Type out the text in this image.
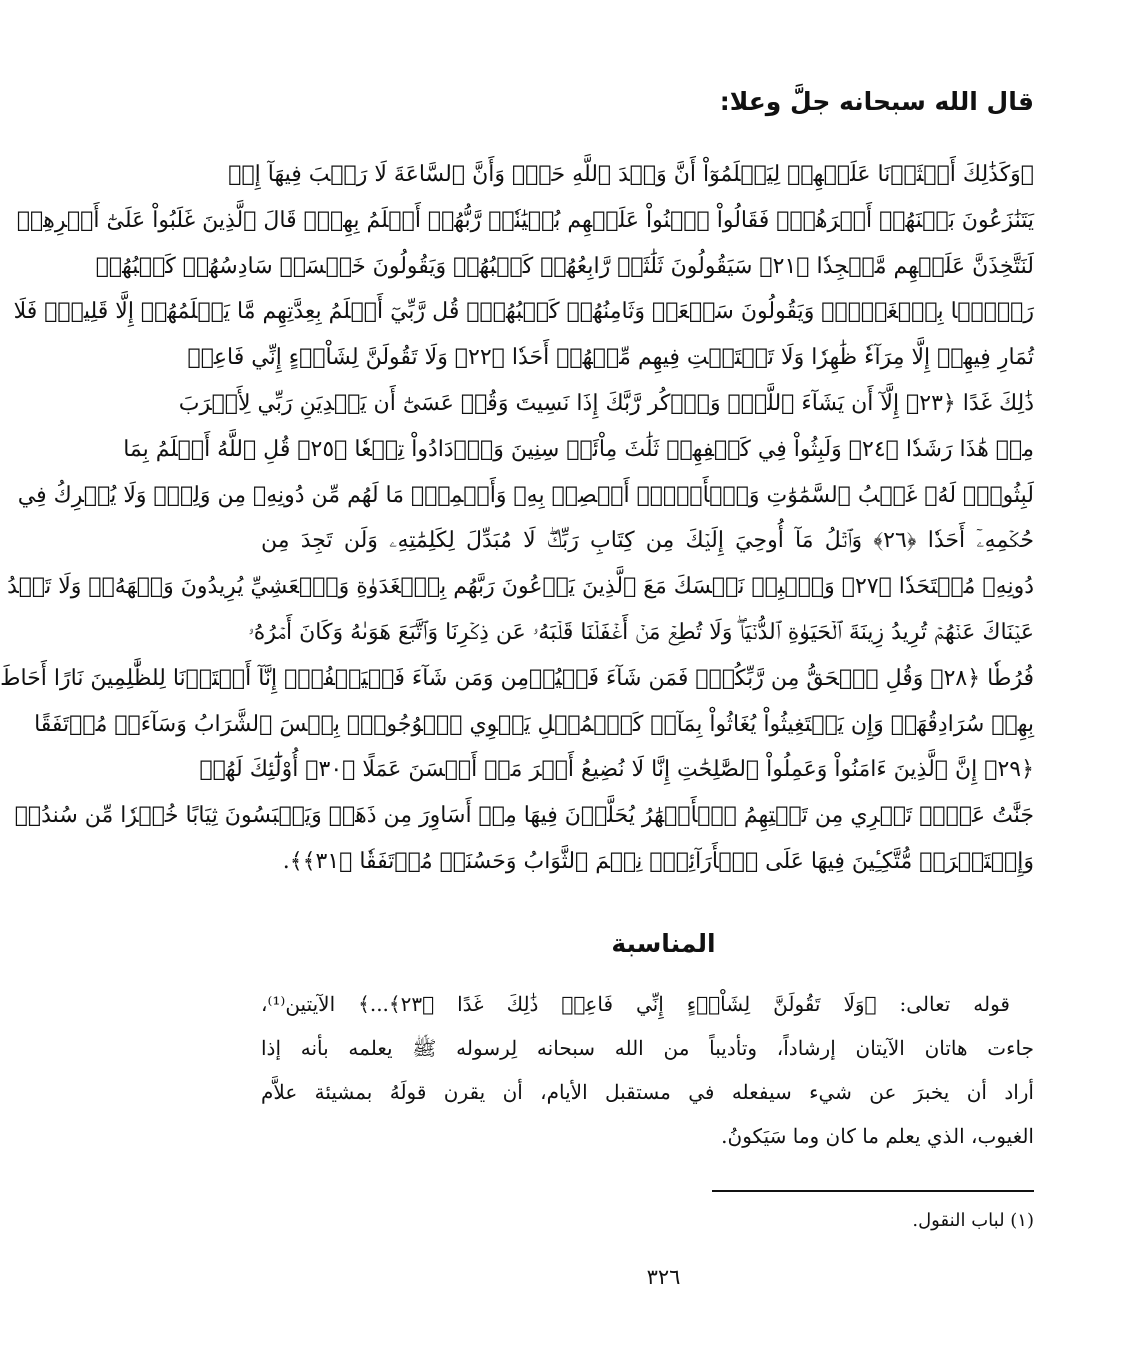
قال الله سبحانه جلَّ وعلا:
﴿وَكَذَٰلِكَ أَعۡثَرۡنَا عَلَيۡهِمۡ لِيَعۡلَمُوٓاْ أَنَّ وَعۡدَ ٱللَّهِ حَقّٞ وَأَنَّ ٱلسَّاعَةَ لَا رَيۡبَ فِيهَآ إِذۡ
يَتَنَٰزَعُونَ بَيۡنَهُمۡ أَمۡرَهُمۡۖ فَقَالُواْ ٱبۡنُواْ عَلَيۡهِم بُنۡيَٰنٗاۖ رَّبُّهُمۡ أَعۡلَمُ بِهِمۡۚ قَالَ ٱلَّذِينَ غَلَبُواْ عَلَىٰٓ أَمۡرِهِمۡ
لَنَتَّخِذَنَّ عَلَيۡهِم مَّسۡجِدٗا ﴿٢١﴾ سَيَقُولُونَ ثَلَٰثَةٞ رَّابِعُهُمۡ كَلۡبُهُمۡ وَيَقُولُونَ خَمۡسَةٞ سَادِسُهُمۡ كَلۡبُهُمۡ
رَجۡمَۢا بِٱلۡغَيۡبِۖ وَيَقُولُونَ سَبۡعَةٞ وَثَامِنُهُمۡ كَلۡبُهُمۡۚ قُل رَّبِّيٓ أَعۡلَمُ بِعِدَّتِهِم مَّا يَعۡلَمُهُمۡ إِلَّا قَلِيلٞۗ فَلَا
تُمَارِ فِيهِمۡ إِلَّا مِرَآءٗ ظَٰهِرٗا وَلَا تَسۡتَفۡتِ فِيهِم مِّنۡهُمۡ أَحَدٗا ﴿٢٢﴾ وَلَا تَقُولَنَّ لِشَاْيۡءٍ إِنِّي فَاعِلٞ
ذَٰلِكَ غَدًا ﴿٢٣﴾ إِلَّآ أَن يَشَآءَ ٱللَّهُۚ وَٱذۡكُر رَّبَّكَ إِذَا نَسِيتَ وَقُلۡ عَسَىٰٓ أَن يَهۡدِيَنِ رَبِّي لِأَقۡرَبَ
مِنۡ هَٰذَا رَشَدٗا ﴿٢٤﴾ وَلَبِثُواْ فِي كَهۡفِهِمۡ ثَلَٰثَ مِاْئَةٖ سِنِينَ وَٱزۡدَادُواْ تِسۡعٗا ﴿٢٥﴾ قُلِ ٱللَّهُ أَعۡلَمُ بِمَا
لَبِثُواْۖ لَهُۥ غَيۡبُ ٱلسَّمَٰوَٰتِ وَٱلۡأَرۡضِۖ أَبۡصِرۡ بِهِۦ وَأَسۡمِعۡۚ مَا لَهُم مِّن دُونِهِۦ مِن وَلِيّٖ وَلَا يُشۡرِكُ فِي
حُكۡمِهِۦٓ أَحَدٗا ﴿٢٦﴾ وَٱتۡلُ مَآ أُوحِيَ إِلَيۡكَ مِن كِتَابِ رَبِّكَۖ لَا مُبَدِّلَ لِكَلِمَٰتِهِۦ وَلَن تَجِدَ مِن
دُونِهِۦ مُلۡتَحَدٗا ﴿٢٧﴾ وَٱصۡبِرۡ نَفۡسَكَ مَعَ ٱلَّذِينَ يَدۡعُونَ رَبَّهُم بِٱلۡغَدَوٰةِ وَٱلۡعَشِيِّ يُرِيدُونَ وَجۡهَهُۥۖ وَلَا تَعۡدُ
عَيۡنَاكَ عَنۡهُمۡ تُرِيدُ زِينَةَ ٱلۡحَيَوٰةِ ٱلدُّنۡيَاۖ وَلَا تُطِعۡ مَنۡ أَغۡفَلۡنَا قَلۡبَهُۥ عَن ذِكۡرِنَا وَٱتَّبَعَ هَوَىٰهُ وَكَانَ أَمۡرُهُۥ
فُرُطٗا ﴿٢٨﴾ وَقُلِ ٱلۡحَقُّ مِن رَّبِّكُمۡۖ فَمَن شَآءَ فَلۡيُؤۡمِن وَمَن شَآءَ فَلۡيَكۡفُرۡۚ إِنَّآ أَعۡتَدۡنَا لِلظَّٰلِمِينَ نَارًا أَحَاطَ
بِهِمۡ سُرَادِقُهَاۚ وَإِن يَسۡتَغِيثُواْ يُغَاثُواْ بِمَآءٖ كَٱلۡمُهۡلِ يَشۡوِي ٱلۡوُجُوهَۚ بِئۡسَ ٱلشَّرَابُ وَسَآءَتۡ مُرۡتَفَقًا
﴿٢٩﴾ إِنَّ ٱلَّذِينَ ءَامَنُواْ وَعَمِلُواْ ٱلصَّٰلِحَٰتِ إِنَّا لَا نُضِيعُ أَجۡرَ مَنۡ أَحۡسَنَ عَمَلًا ﴿٣٠﴾ أُوْلَٰٓئِكَ لَهُمۡ
جَنَّٰتُ عَدۡنٖ تَجۡرِي مِن تَحۡتِهِمُ ٱلۡأَنۡهَٰرُ يُحَلَّوۡنَ فِيهَا مِنۡ أَسَاوِرَ مِن ذَهَبٖ وَيَلۡبَسُونَ ثِيَابًا خُضۡرٗا مِّن سُندُسٖ
وَإِسۡتَبۡرَقٖ مُّتَّكِـِٔينَ فِيهَا عَلَى ٱلۡأَرَآئِكِۚ نِعۡمَ ٱلثَّوَابُ وَحَسُنَتۡ مُرۡتَفَقٗا ﴿٣١﴾﴾.
المناسبة
قوله تعالى: ﴿وَلَا تَقُولَنَّ لِشَاْيۡءٍ إِنِّي فَاعِلٞ ذَٰلِكَ غَدًا ﴿٢٣﴾...﴾ الآيتين⁽¹⁾،
جاءت هاتان الآيتان إرشاداً، وتأديباً من الله سبحانه لِرسوله ﷺ يعلمه بأنه إذا
أراد أن يخبرَ عن شيء سيفعله في مستقبل الأيام، أن يقرن قولَهُ بمشيئة علاَّم
الغيوب، الذي يعلم ما كان وما سَيَكونُ.
(١) لباب النقول.
٣٢٦
